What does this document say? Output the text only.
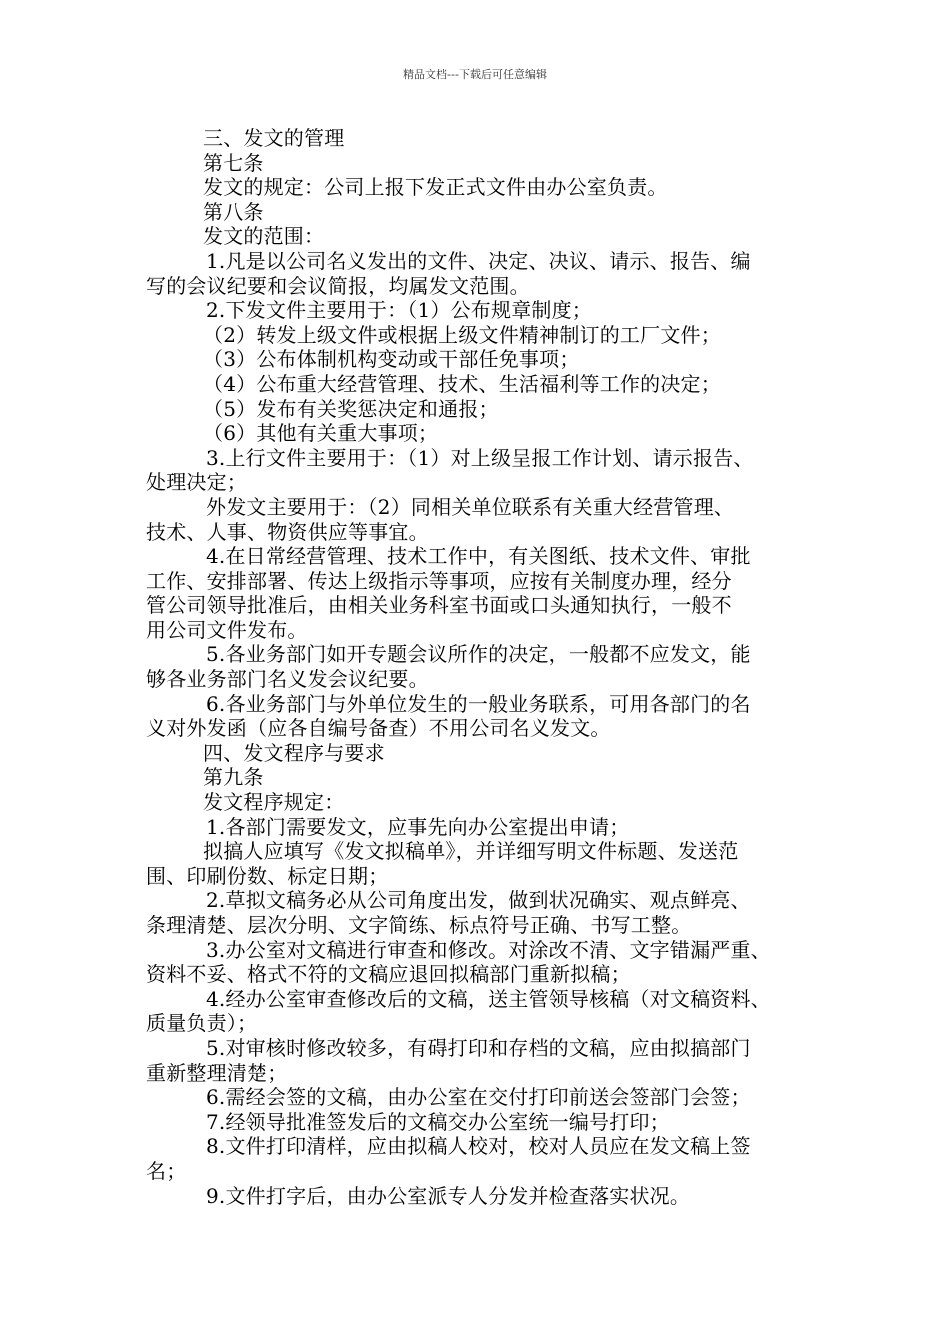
精品文档---下载后可任意编辑
三、发文的管理
第七条
发文的规定：公司上报下发正式文件由办公室负责。
第八条
发文的范围：
1.凡是以公司名义发出的文件、决定、决议、请示、报告、编
写的会议纪要和会议简报，均属发文范围。
2.下发文件主要用于：（1）公布规章制度；
（2）转发上级文件或根据上级文件精神制订的工厂文件；
（3）公布体制机构变动或干部任免事项；
（4）公布重大经营管理、技术、生活福利等工作的决定；
（5）发布有关奖惩决定和通报；
（6）其他有关重大事项；
3.上行文件主要用于：（1）对上级呈报工作计划、请示报告、
处理决定；
外发文主要用于：（2）同相关单位联系有关重大经营管理、
技术、人事、物资供应等事宜。
4.在日常经营管理、技术工作中，有关图纸、技术文件、审批
工作、安排部署、传达上级指示等事项，应按有关制度办理，经分
管公司领导批准后，由相关业务科室书面或口头通知执行，一般不
用公司文件发布。
5.各业务部门如开专题会议所作的决定，一般都不应发文，能
够各业务部门名义发会议纪要。
6.各业务部门与外单位发生的一般业务联系，可用各部门的名
义对外发函（应各自编号备查）不用公司名义发文。
四、发文程序与要求
第九条
发文程序规定：
1.各部门需要发文，应事先向办公室提出申请；
拟搞人应填写《发文拟稿单》，并详细写明文件标题、发送范
围、印刷份数、标定日期；
2.草拟文稿务必从公司角度出发，做到状况确实、观点鲜亮、
条理清楚、层次分明、文字简练、标点符号正确、书写工整。
3.办公室对文稿进行审查和修改。对涂改不清、文字错漏严重、
资料不妥、格式不符的文稿应退回拟稿部门重新拟稿；
4.经办公室审查修改后的文稿，送主管领导核稿（对文稿资料、
质量负责）；
5.对审核时修改较多，有碍打印和存档的文稿，应由拟搞部门
重新整理清楚；
6.需经会签的文稿，由办公室在交付打印前送会签部门会签；
7.经领导批准签发后的文稿交办公室统一编号打印；
8.文件打印清样，应由拟稿人校对，校对人员应在发文稿上签
名；
9.文件打字后，由办公室派专人分发并检查落实状况。
